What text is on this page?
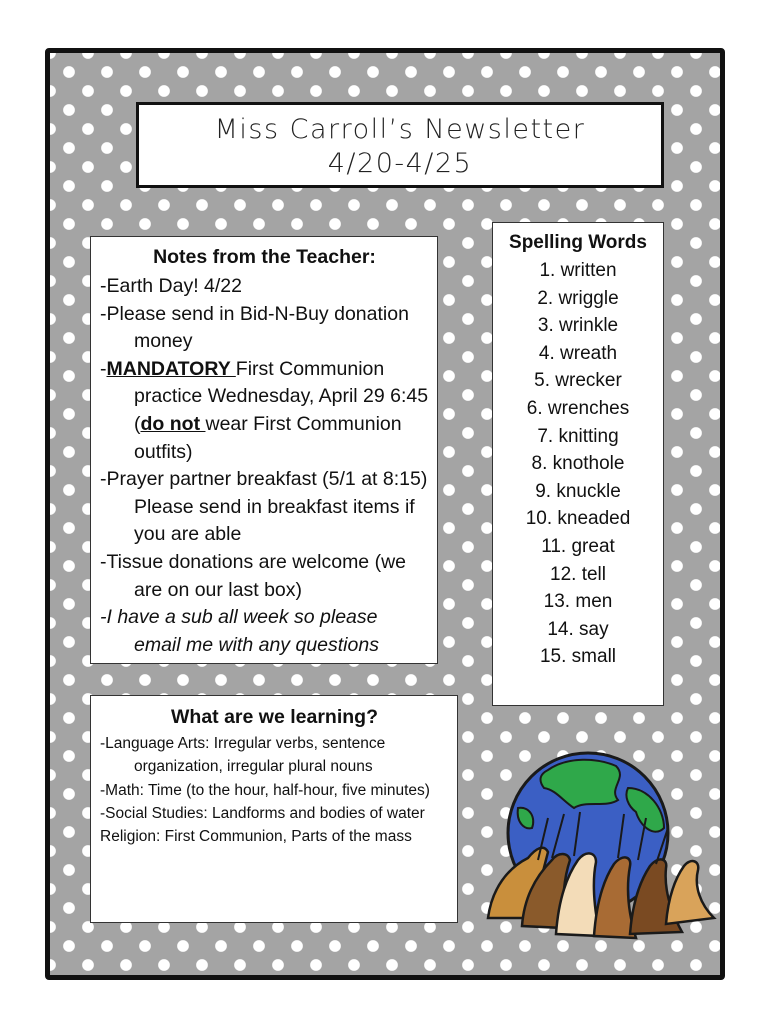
Miss Carroll’s Newsletter
4/20-4/25
Notes from the Teacher:

-Earth Day! 4/22

-Please send in Bid-N-Buy donation money

-MANDATORY First Communion practice Wednesday, April 29 6:45 (do not wear First Communion outfits)

-Prayer partner breakfast (5/1 at 8:15) Please send in breakfast items if you are able

-Tissue donations are welcome (we are on our last box)

-I have a sub all week so please email me with any questions

Spelling Words
1. written
2. wriggle
3. wrinkle
4. wreath
5. wrecker
6. wrenches
7. knitting
8. knothole
9. knuckle
10. kneaded
11. great
12. tell
13. men
14. say
15. small
What are we learning?

-Language Arts: Irregular verbs, sentence organization, irregular plural nouns

-Math: Time (to the hour, half-hour, five minutes)

-Social Studies: Landforms and bodies of water

Religion: First Communion, Parts of the mass
